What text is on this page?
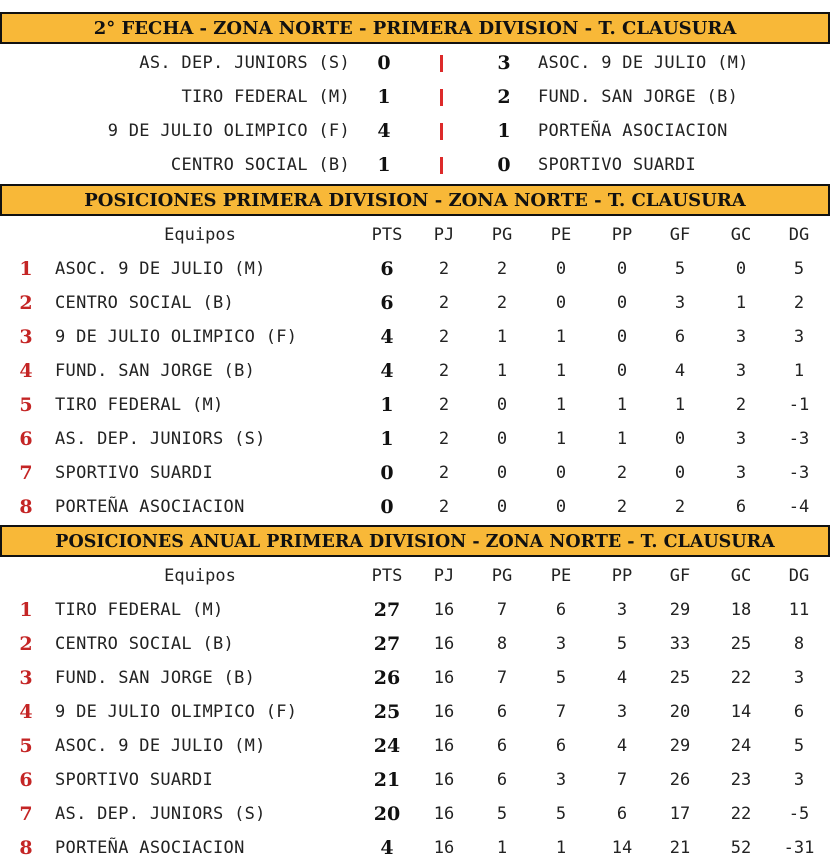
2° FECHA - ZONA NORTE - PRIMERA DIVISION - T. CLAUSURA
AS. DEP. JUNIORS (S) 0	3	ASOC. 9 DE JULIO (M)
TIRO FEDERAL (M) 1	2	FUND. SAN JORGE (B)
9 DE JULIO OLIMPICO (F) 4	1	PORTEÑA ASOCIACION
CENTRO SOCIAL (B) 1	0	SPORTIVO SUARDI
POSICIONES PRIMERA DIVISION - ZONA NORTE - T. CLAUSURA
Equipos	PTS	PJ	PG	PE	PP	GF	GC	DG
1	ASOC. 9 DE JULIO (M)	6	2	2	0	0	5	0	5
2	CENTRO SOCIAL (B)	6	2	2	0	0	3	1	2
3	9 DE JULIO OLIMPICO (F)	4	2	1	1	0	6	3	3
4	FUND. SAN JORGE (B)	4	2	1	1	0	4	3	1
5	TIRO FEDERAL (M)	1	2	0	1	1	1	2	-1
6	AS. DEP. JUNIORS (S)	1	2	0	1	1	0	3	-3
7	SPORTIVO SUARDI	0	2	0	0	2	0	3	-3
8	PORTEÑA ASOCIACION	0	2	0	0	2	2	6	-4
POSICIONES ANUAL PRIMERA DIVISION - ZONA NORTE - T. CLAUSURA
Equipos	PTS	PJ	PG	PE	PP	GF	GC	DG
1	TIRO FEDERAL (M)	27	16	7	6	3	29	18	11
2	CENTRO SOCIAL (B)	27	16	8	3	5	33	25	8
3	FUND. SAN JORGE (B)	26	16	7	5	4	25	22	3
4	9 DE JULIO OLIMPICO (F)	25	16	6	7	3	20	14	6
5	ASOC. 9 DE JULIO (M)	24	16	6	6	4	29	24	5
6	SPORTIVO SUARDI	21	16	6	3	7	26	23	3
7	AS. DEP. JUNIORS (S)	20	16	5	5	6	17	22	-5
8	PORTEÑA ASOCIACION	4	16	1	1	14	21	52	-31
